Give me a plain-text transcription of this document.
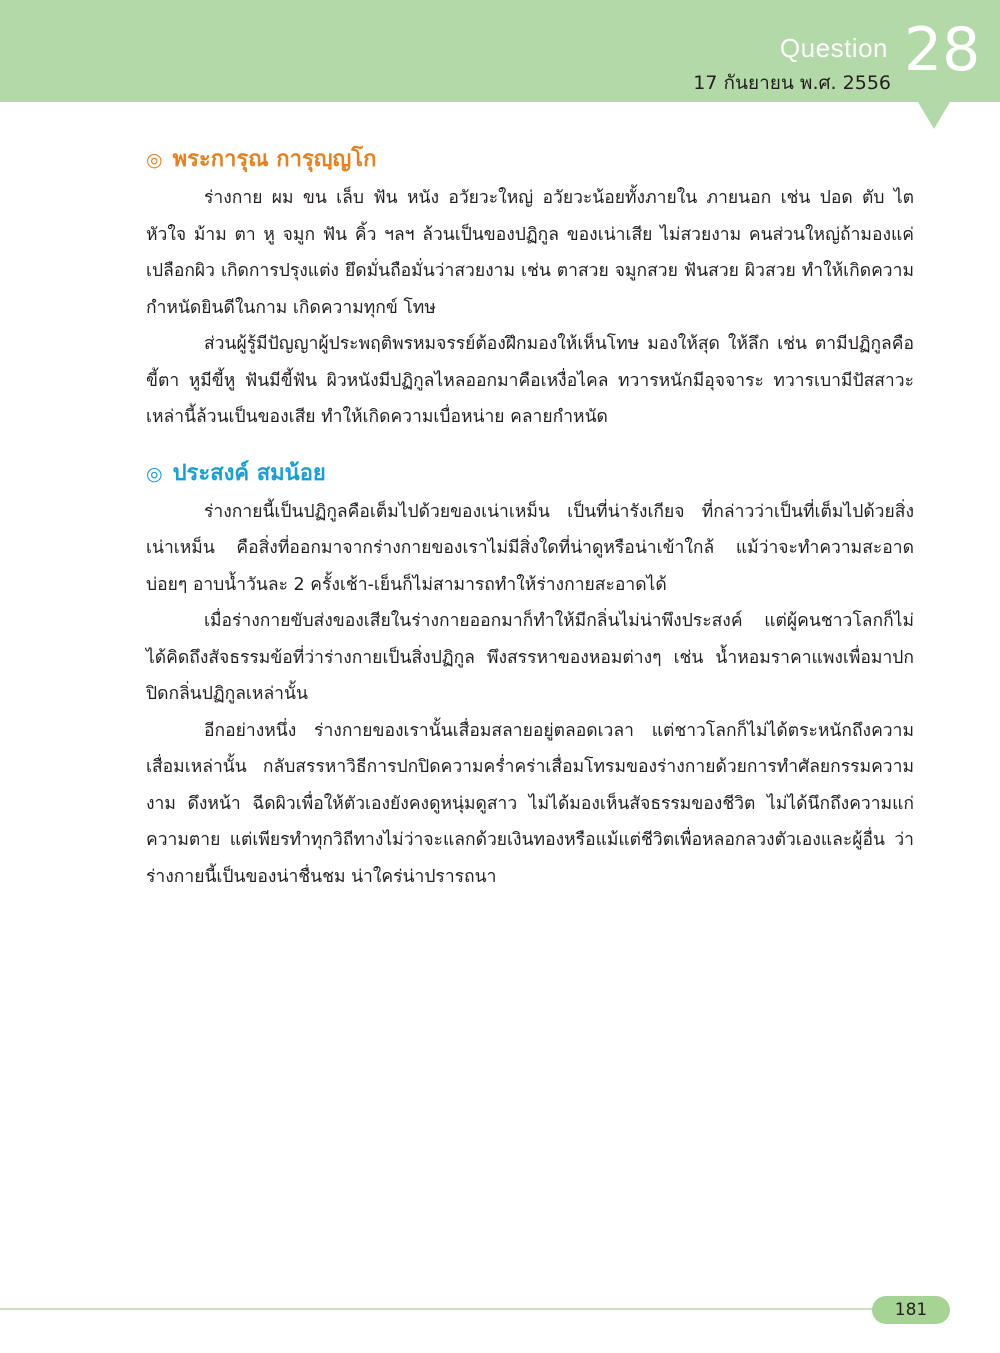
Question
17 กันยายน พ.ศ. 2556 28
◎ พระการุณ การุญฺญโก

ร่างกาย ผม ขน เล็บ ฟัน หนัง อวัยวะใหญ่ อวัยวะน้อยทั้งภายใน ภายนอก เช่น ปอด ตับ ไต หัวใจ ม้าม ตา หู จมูก ฟัน คิ้ว ฯลฯ ล้วนเป็นของปฏิกูล ของเน่าเสีย ไม่สวยงาม คนส่วนใหญ่ถ้ามองแค่เปลือกผิว เกิดการปรุงแต่ง ยึดมั่นถือมั่นว่าสวยงาม เช่น ตาสวย จมูกสวย ฟันสวย ผิวสวย ทำให้เกิดความกำหนัดยินดีในกาม เกิดความทุกข์ โทษ

ส่วนผู้รู้มีปัญญาผู้ประพฤติพรหมจรรย์ต้องฝึกมองให้เห็นโทษ มองให้สุด ให้ลึก เช่น ตามีปฏิกูลคือขี้ตา หูมีขี้หู ฟันมีขี้ฟัน ผิวหนังมีปฏิกูลไหลออกมาคือเหงื่อไคล ทวารหนักมีอุจจาระ ทวารเบามีปัสสาวะ เหล่านี้ล้วนเป็นของเสีย ทำให้เกิดความเบื่อหน่าย คลายกำหนัด

◎ ประสงค์ สมน้อย

ร่างกายนี้เป็นปฏิกูลคือเต็มไปด้วยของเน่าเหม็น เป็นที่น่ารังเกียจ ที่กล่าวว่าเป็นที่เต็มไปด้วยสิ่งเน่าเหม็น คือสิ่งที่ออกมาจากร่างกายของเราไม่มีสิ่งใดที่น่าดูหรือน่าเข้าใกล้ แม้ว่าจะทำความสะอาดบ่อยๆ อาบน้ำวันละ 2 ครั้งเช้า-เย็นก็ไม่สามารถทำให้ร่างกายสะอาดได้

เมื่อร่างกายขับส่งของเสียในร่างกายออกมาก็ทำให้มีกลิ่นไม่น่าพึงประสงค์ แต่ผู้คนชาวโลกก็ไม่ได้คิดถึงสัจธรรมข้อที่ว่าร่างกายเป็นสิ่งปฏิกูล พึงสรรหาของหอมต่างๆ เช่น น้ำหอมราคาแพงเพื่อมาปกปิดกลิ่นปฏิกูลเหล่านั้น

อีกอย่างหนึ่ง ร่างกายของเรานั้นเสื่อมสลายอยู่ตลอดเวลา แต่ชาวโลกก็ไม่ได้ตระหนักถึงความเสื่อมเหล่านั้น กลับสรรหาวิธีการปกปิดความคร่ำคร่าเสื่อมโทรมของร่างกายด้วยการทำศัลยกรรมความงาม ดึงหน้า ฉีดผิวเพื่อให้ตัวเองยังคงดูหนุ่มดูสาว ไม่ได้มองเห็นสัจธรรมของชีวิต ไม่ได้นึกถึงความแก่ความตาย แต่เพียรทำทุกวิถีทางไม่ว่าจะแลกด้วยเงินทองหรือแม้แต่ชีวิตเพื่อหลอกลวงตัวเองและผู้อื่น ว่าร่างกายนี้เป็นของน่าชื่นชม น่าใคร่น่าปรารถนา

181
